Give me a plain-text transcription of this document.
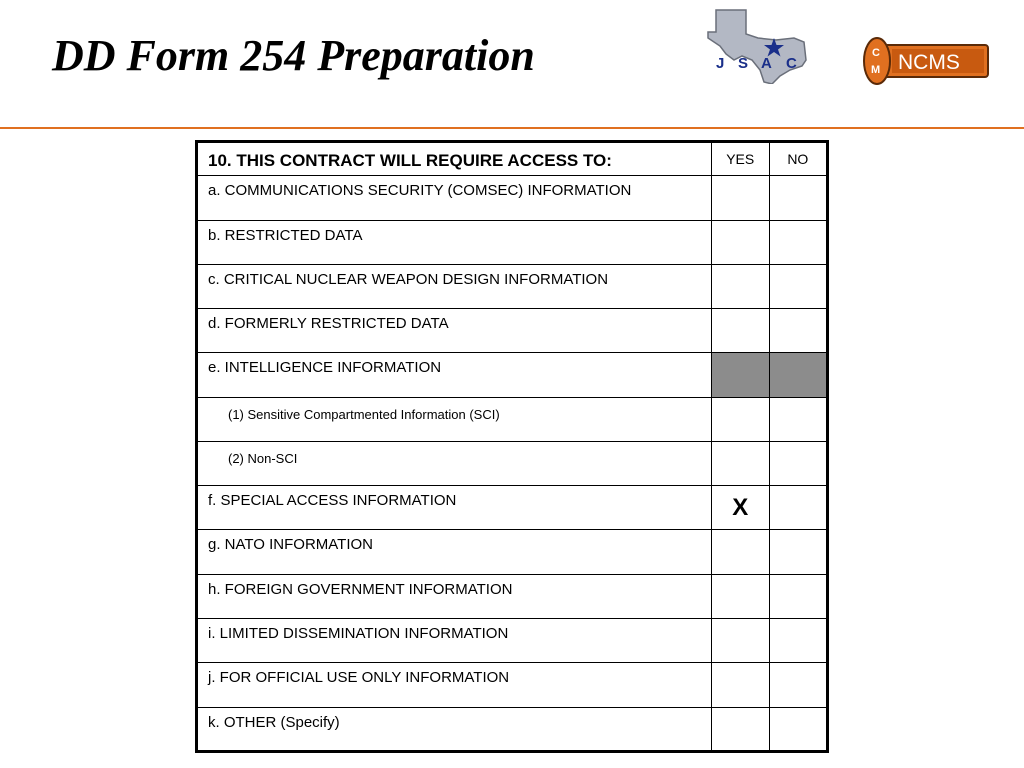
DD Form 254 Preparation	J S A C
C
M NCMS
10. THIS CONTRACT WILL REQUIRE ACCESS TO:	YES	NO
a. COMMUNICATIONS SECURITY (COMSEC) INFORMATION		
b. RESTRICTED DATA		
c. CRITICAL NUCLEAR WEAPON DESIGN INFORMATION		
d. FORMERLY RESTRICTED DATA		
e. INTELLIGENCE INFORMATION		
(1) Sensitive Compartmented Information (SCI)		
(2) Non-SCI		
f. SPECIAL ACCESS INFORMATION	X	
g. NATO INFORMATION		
h. FOREIGN GOVERNMENT INFORMATION		
i. LIMITED DISSEMINATION INFORMATION		
j. FOR OFFICIAL USE ONLY INFORMATION		
k. OTHER (Specify)		
